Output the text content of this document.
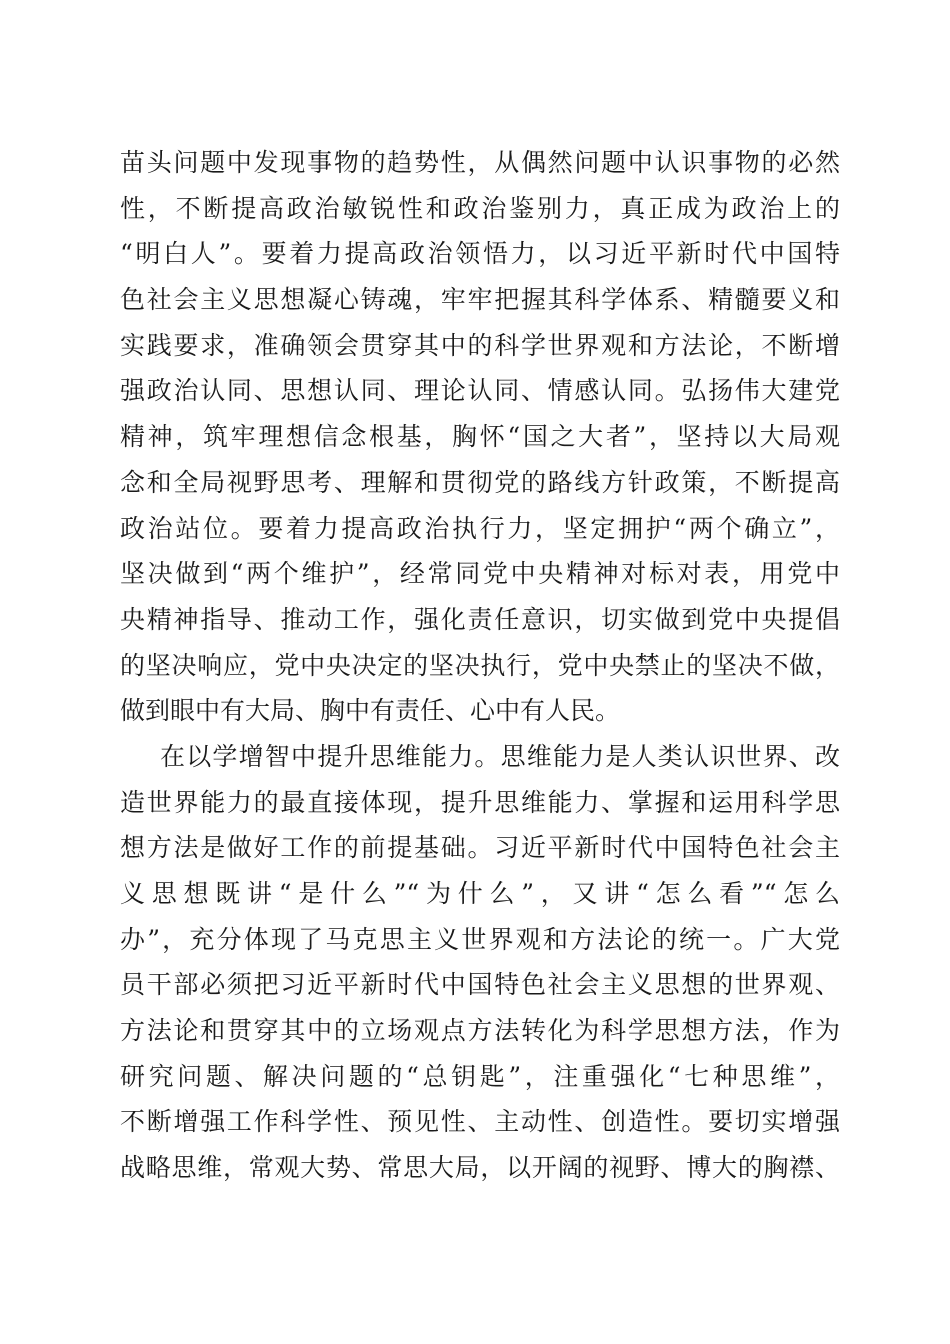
苗头问题中发现事物的趋势性，从偶然问题中认识事物的必然
性，不断提高政治敏锐性和政治鉴别力，真正成为政治上的
“明白人”。要着力提高政治领悟力，以习近平新时代中国特
色社会主义思想凝心铸魂，牢牢把握其科学体系、精髓要义和
实践要求，准确领会贯穿其中的科学世界观和方法论，不断增
强政治认同、思想认同、理论认同、情感认同。弘扬伟大建党
精神，筑牢理想信念根基，胸怀“国之大者”，坚持以大局观
念和全局视野思考、理解和贯彻党的路线方针政策，不断提高
政治站位。要着力提高政治执行力，坚定拥护“两个确立”，
坚决做到“两个维护”，经常同党中央精神对标对表，用党中
央精神指导、推动工作，强化责任意识，切实做到党中央提倡
的坚决响应，党中央决定的坚决执行，党中央禁止的坚决不做，
做到眼中有大局、胸中有责任、心中有人民。
在以学增智中提升思维能力。思维能力是人类认识世界、改
造世界能力的最直接体现，提升思维能力、掌握和运用科学思
想方法是做好工作的前提基础。习近平新时代中国特色社会主
义思想既讲“是什么”“为什么”，又讲“怎么看”“怎么
办”，充分体现了马克思主义世界观和方法论的统一。广大党
员干部必须把习近平新时代中国特色社会主义思想的世界观、
方法论和贯穿其中的立场观点方法转化为科学思想方法，作为
研究问题、解决问题的“总钥匙”，注重强化“七种思维”，
不断增强工作科学性、预见性、主动性、创造性。要切实增强
战略思维，常观大势、常思大局，以开阔的视野、博大的胸襟、
